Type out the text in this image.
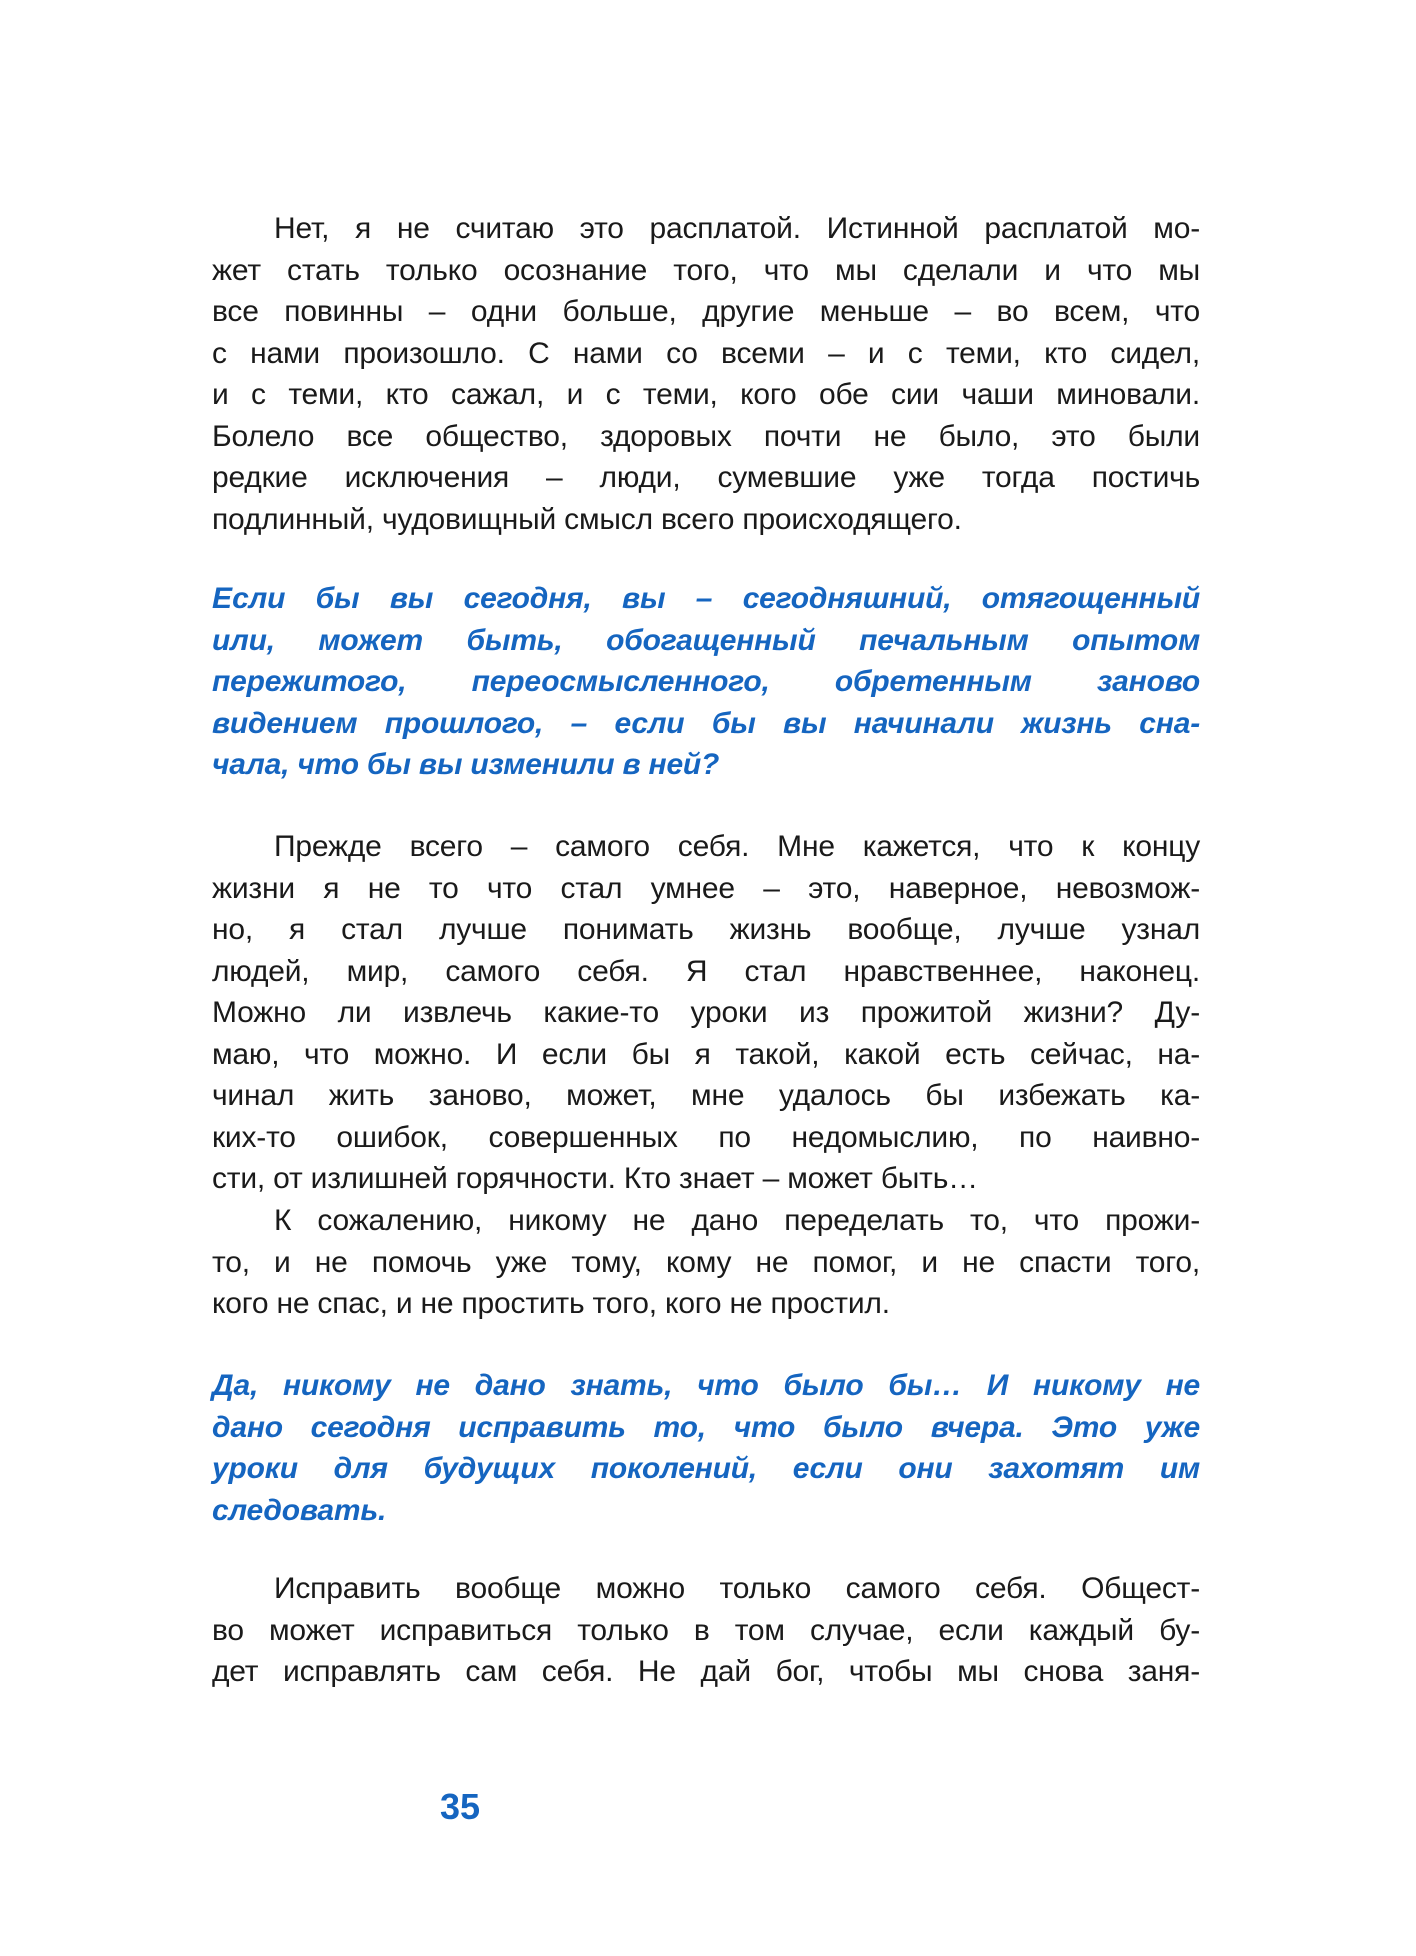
Нет, я не считаю это расплатой. Истинной расплатой мо-
жет стать только осознание того, что мы сделали и что мы
все повинны – одни больше, другие меньше – во всем, что
с нами произошло. С нами со всеми – и с теми, кто сидел,
и с теми, кто сажал, и с теми, кого обе сии чаши миновали.
Болело все общество, здоровых почти не было, это были
редкие исключения – люди, сумевшие уже тогда постичь
подлинный, чудовищный смысл всего происходящего.
Если бы вы сегодня, вы – сегодняшний, отягощенный
или, может быть, обогащенный печальным опытом
пережитого, переосмысленного, обретенным заново
видением прошлого, – если бы вы начинали жизнь сна-
чала, что бы вы изменили в ней?
Прежде всего – самого себя. Мне кажется, что к концу
жизни я не то что стал умнее – это, наверное, невозмож-
но, я стал лучше понимать жизнь вообще, лучше узнал
людей, мир, самого себя. Я стал нравственнее, наконец.
Можно ли извлечь какие-то уроки из прожитой жизни? Ду-
маю, что можно. И если бы я такой, какой есть сейчас, на-
чинал жить заново, может, мне удалось бы избежать ка-
ких-то ошибок, совершенных по недомыслию, по наивно-
сти, от излишней горячности. Кто знает – может быть…
К сожалению, никому не дано переделать то, что прожи-
то, и не помочь уже тому, кому не помог, и не спасти того,
кого не спас, и не простить того, кого не простил.
Да, никому не дано знать, что было бы… И никому не
дано сегодня исправить то, что было вчера. Это уже
уроки для будущих поколений, если они захотят им
следовать.
Исправить вообще можно только самого себя. Общест-
во может исправиться только в том случае, если каждый бу-
дет исправлять сам себя. Не дай бог, чтобы мы снова заня-
35
